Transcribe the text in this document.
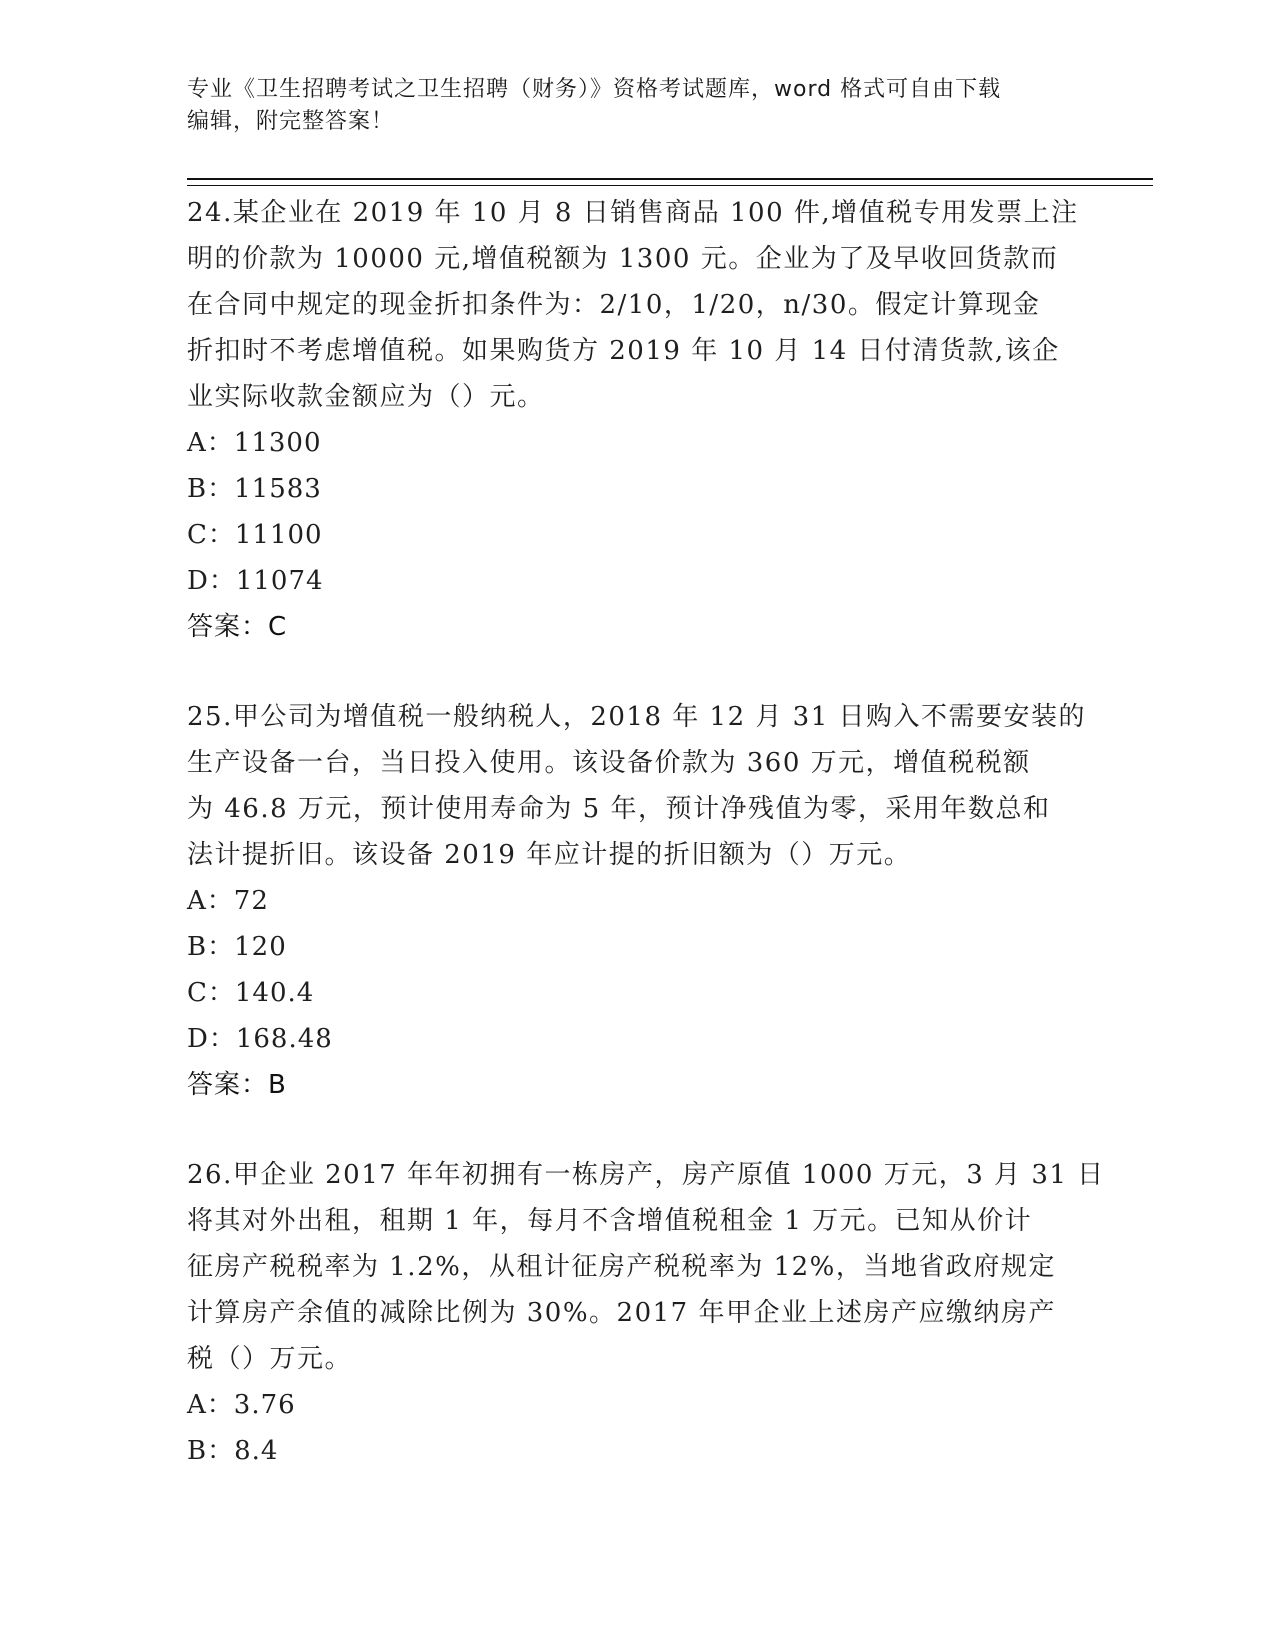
专业《卫生招聘考试之卫生招聘（财务）》资格考试题库，word 格式可自由下载
编辑，附完整答案！
24.某企业在 2019 年 10 月 8 日销售商品 100 件,增值税专用发票上注
明的价款为 10000 元,增值税额为 1300 元。企业为了及早收回货款而
在合同中规定的现金折扣条件为：2/10，1/20，n/30。假定计算现金
折扣时不考虑增值税。如果购货方 2019 年 10 月 14 日付清货款,该企
业实际收款金额应为（）元。
A：11300
B：11583
C：11100
D：11074
答案：C
25.甲公司为增值税一般纳税人，2018 年 12 月 31 日购入不需要安装的
生产设备一台，当日投入使用。该设备价款为 360 万元，增值税税额
为 46.8 万元，预计使用寿命为 5 年，预计净残值为零，采用年数总和
法计提折旧。该设备 2019 年应计提的折旧额为（）万元。
A：72
B：120
C：140.4
D：168.48
答案：B
26.甲企业 2017 年年初拥有一栋房产，房产原值 1000 万元，3 月 31 日
将其对外出租，租期 1 年，每月不含增值税租金 1 万元。已知从价计
征房产税税率为 1.2%，从租计征房产税税率为 12%，当地省政府规定
计算房产余值的减除比例为 30%。2017 年甲企业上述房产应缴纳房产
税（）万元。
A：3.76
B：8.4
